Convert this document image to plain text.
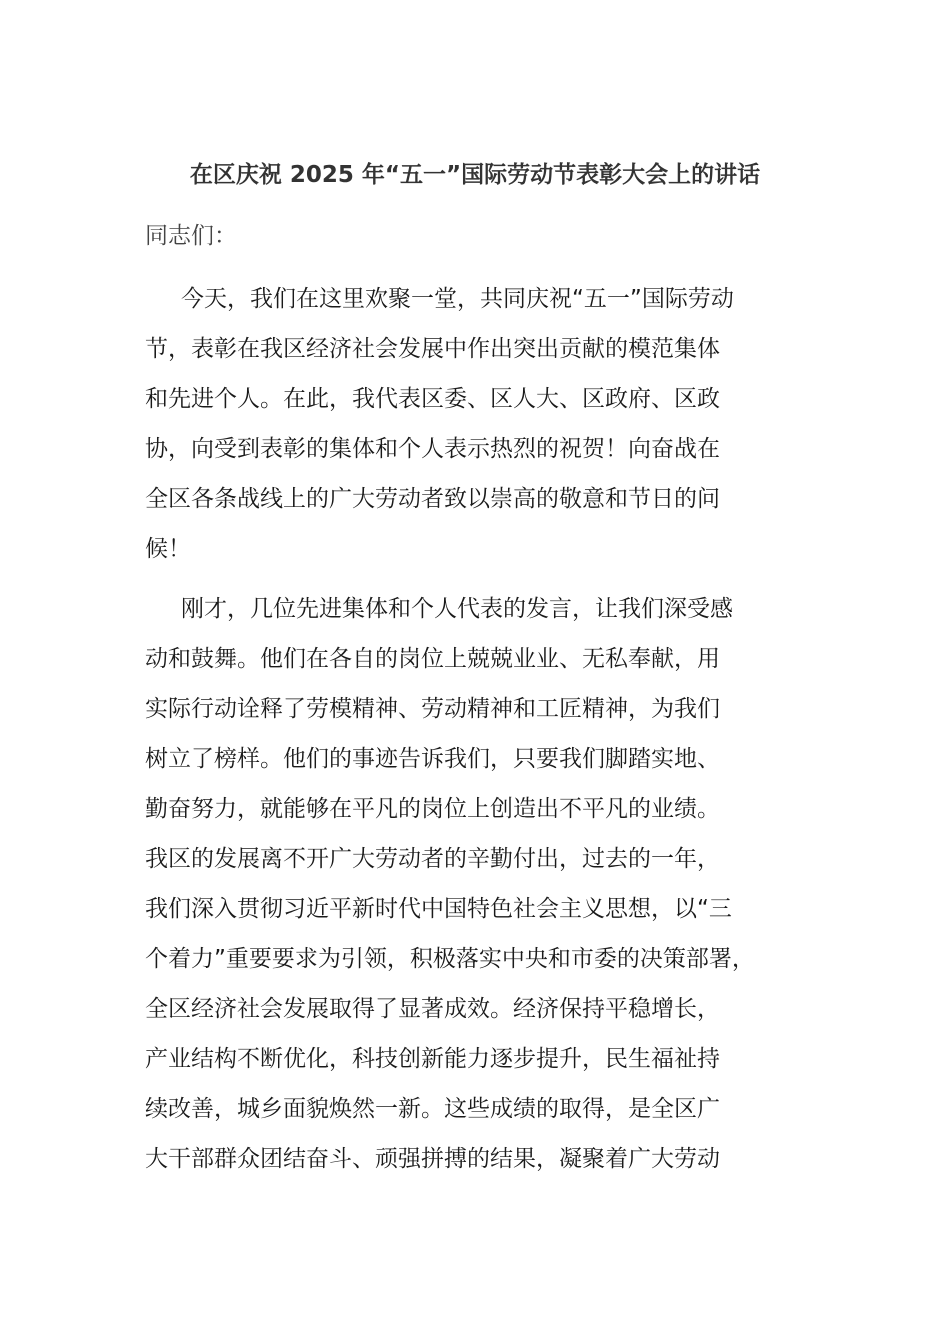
在区庆祝 2025 年“五一”国际劳动节表彰大会上的讲话
同志们：
今天，我们在这里欢聚一堂，共同庆祝“五一”国际劳动
节，表彰在我区经济社会发展中作出突出贡献的模范集体
和先进个人。在此，我代表区委、区人大、区政府、区政
协，向受到表彰的集体和个人表示热烈的祝贺！向奋战在
全区各条战线上的广大劳动者致以崇高的敬意和节日的问
候！
刚才，几位先进集体和个人代表的发言，让我们深受感
动和鼓舞。他们在各自的岗位上兢兢业业、无私奉献，用
实际行动诠释了劳模精神、劳动精神和工匠精神，为我们
树立了榜样。他们的事迹告诉我们，只要我们脚踏实地、
勤奋努力，就能够在平凡的岗位上创造出不平凡的业绩。
我区的发展离不开广大劳动者的辛勤付出，过去的一年，
我们深入贯彻习近平新时代中国特色社会主义思想，以“三
个着力”重要要求为引领，积极落实中央和市委的决策部署，
全区经济社会发展取得了显著成效。经济保持平稳增长，
产业结构不断优化，科技创新能力逐步提升，民生福祉持
续改善，城乡面貌焕然一新。这些成绩的取得，是全区广
大干部群众团结奋斗、顽强拼搏的结果，凝聚着广大劳动
